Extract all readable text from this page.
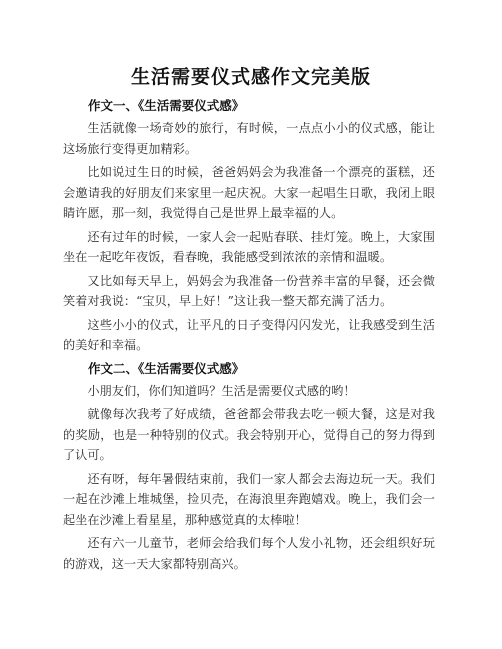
生活需要仪式感作文完美版

作文一、《生活需要仪式感》

生活就像一场奇妙的旅行，有时候，一点点小小的仪式感，能让这场旅行变得更加精彩。

比如说过生日的时候，爸爸妈妈会为我准备一个漂亮的蛋糕，还会邀请我的好朋友们来家里一起庆祝。大家一起唱生日歌，我闭上眼睛许愿，那一刻，我觉得自己是世界上最幸福的人。

还有过年的时候，一家人会一起贴春联、挂灯笼。晚上，大家围坐在一起吃年夜饭，看春晚，我能感受到浓浓的亲情和温暖。

又比如每天早上，妈妈会为我准备一份营养丰富的早餐，还会微笑着对我说：“宝贝，早上好！”这让我一整天都充满了活力。

这些小小的仪式，让平凡的日子变得闪闪发光，让我感受到生活的美好和幸福。

作文二、《生活需要仪式感》

小朋友们，你们知道吗？生活是需要仪式感的哟！

就像每次我考了好成绩，爸爸都会带我去吃一顿大餐，这是对我的奖励，也是一种特别的仪式。我会特别开心，觉得自己的努力得到了认可。

还有呀，每年暑假结束前，我们一家人都会去海边玩一天。我们一起在沙滩上堆城堡，捡贝壳，在海浪里奔跑嬉戏。晚上，我们会一起坐在沙滩上看星星，那种感觉真的太棒啦！

还有六一儿童节，老师会给我们每个人发小礼物，还会组织好玩的游戏，这一天大家都特别高兴。
